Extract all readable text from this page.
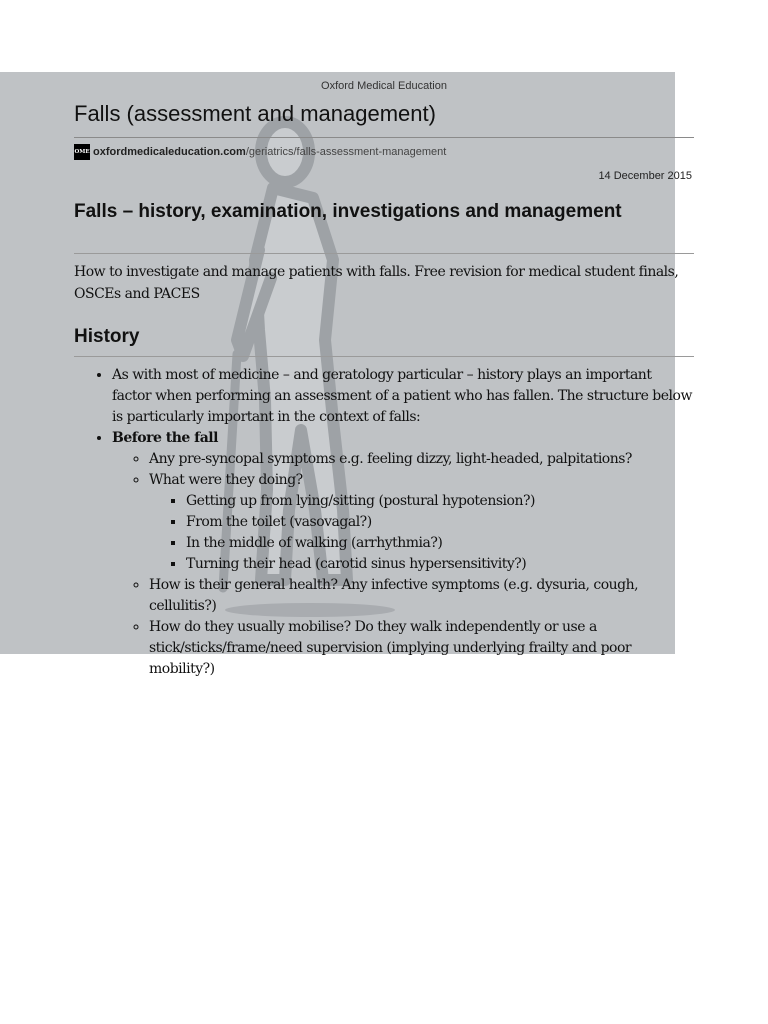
Oxford Medical Education
Falls (assessment and management)
OME oxfordmedicaleducation.com /geriatrics/falls-assessment-management
14 December 2015
Falls – history, examination, investigations and management

How to investigate and manage patients with falls. Free revision for medical student finals, OSCEs and PACES

History
• As with most of medicine – and geratology particular – history plays an important factor when performing an assessment of a patient who has fallen. The structure below is particularly important in the context of falls:
• Before the fall
◦ Any pre-syncopal symptoms e.g. feeling dizzy, light-headed, palpitations?
◦ What were they doing?
▪ Getting up from lying/sitting (postural hypotension?)
▪ From the toilet (vasovagal?)
▪ In the middle of walking (arrhythmia?)
▪ Turning their head (carotid sinus hypersensitivity?)
◦ How is their general health? Any infective symptoms (e.g. dysuria, cough, cellulitis?)
◦ How do they usually mobilise? Do they walk independently or use a stick/sticks/frame/need supervision (implying underlying frailty and poor mobility?)
